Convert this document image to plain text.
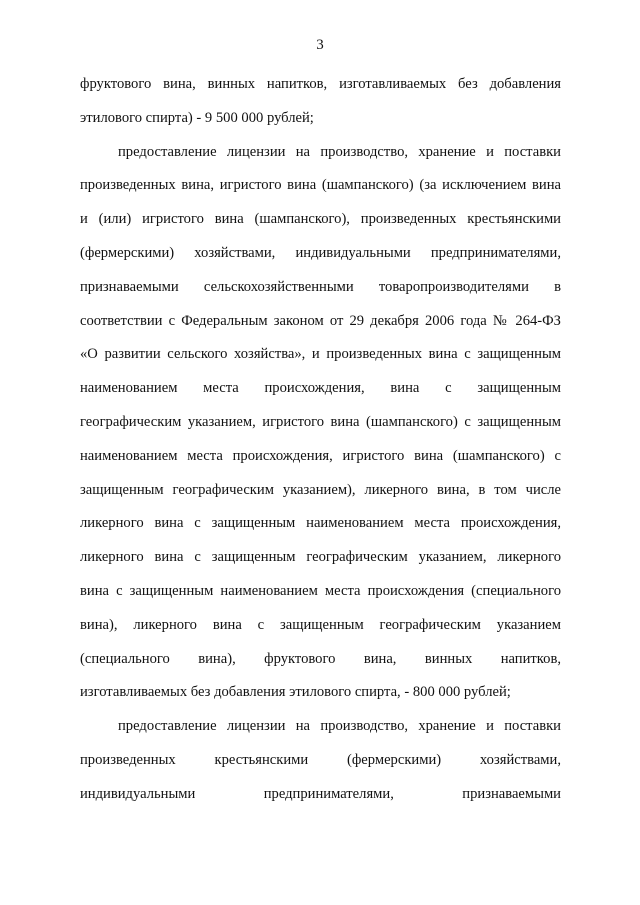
3
фруктового вина, винных напитков, изготавливаемых без добавления
этилового спирта) - 9 500 000 рублей;
предоставление лицензии на производство, хранение и поставки
произведенных вина, игристого вина (шампанского) (за исключением вина
и (или) игристого вина (шампанского), произведенных крестьянскими
(фермерскими) хозяйствами, индивидуальными предпринимателями,
признаваемыми сельскохозяйственными товаропроизводителями в
соответствии с Федеральным законом от 29 декабря 2006 года № 264-ФЗ
«О развитии сельского хозяйства», и произведенных вина с защищенным
наименованием места происхождения, вина с защищенным
географическим указанием, игристого вина (шампанского) с защищенным
наименованием места происхождения, игристого вина (шампанского) с
защищенным географическим указанием), ликерного вина, в том числе
ликерного вина с защищенным наименованием места происхождения,
ликерного вина с защищенным географическим указанием, ликерного
вина с защищенным наименованием места происхождения (специального
вина), ликерного вина с защищенным географическим указанием
(специального вина), фруктового вина, винных напитков,
изготавливаемых без добавления этилового спирта, - 800 000 рублей;
предоставление лицензии на производство, хранение и поставки
произведенных крестьянскими (фермерскими) хозяйствами,
индивидуальными предпринимателями, признаваемыми
